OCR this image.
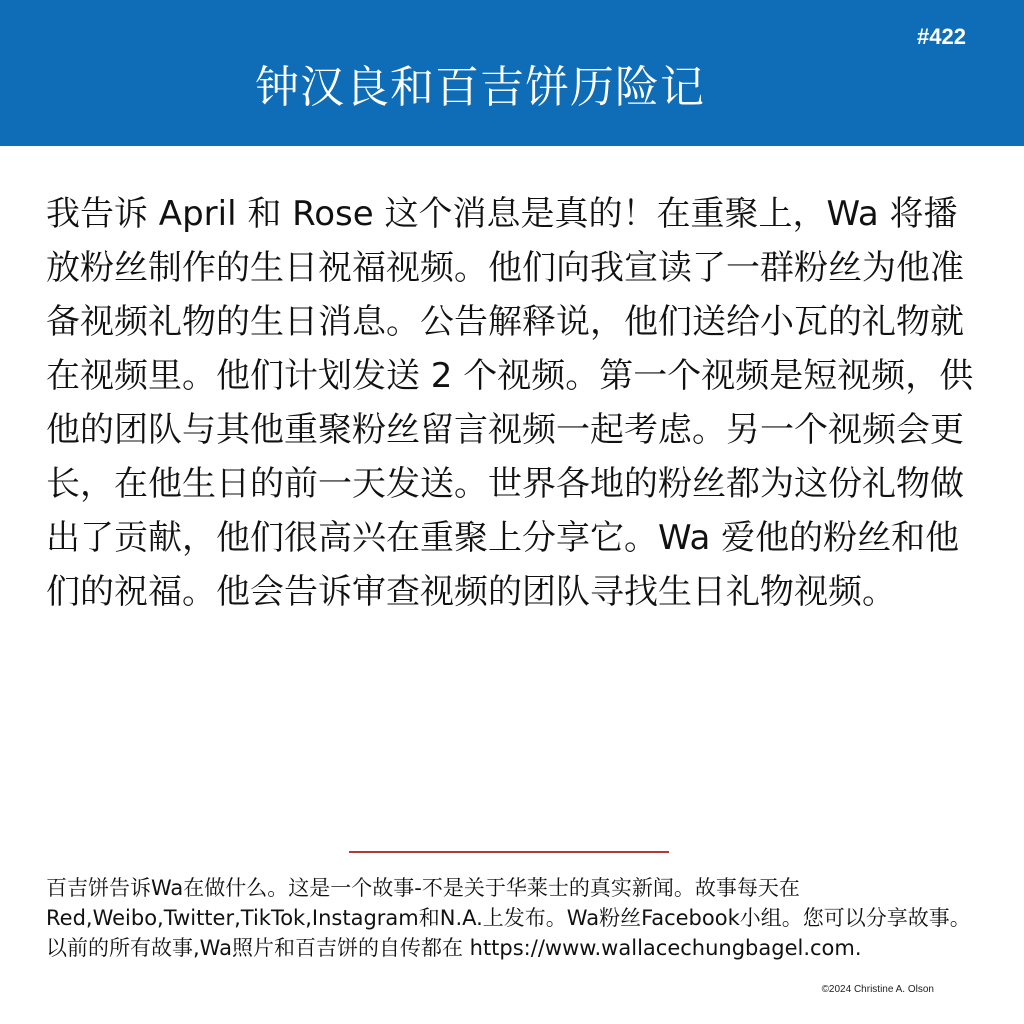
#422
钟汉良和百吉饼历险记

我告诉 April 和 Rose 这个消息是真的！在重聚上，Wa 将播放粉丝制作的生日祝福视频。他们向我宣读了一群粉丝为他准备视频礼物的生日消息。公告解释说，他们送给小瓦的礼物就在视频里。他们计划发送 2 个视频。第一个视频是短视频，供他的团队与其他重聚粉丝留言视频一起考虑。另一个视频会更长，在他生日的前一天发送。世界各地的粉丝都为这份礼物做出了贡献，他们很高兴在重聚上分享它。Wa 爱他的粉丝和他们的祝福。他会告诉审查视频的团队寻找生日礼物视频。

百吉饼告诉Wa在做什么。这是一个故事-不是关于华莱士的真实新闻。故事每天在Red,Weibo,Twitter,TikTok,Instagram和N.A.上发布。Wa粉丝Facebook小组。您可以分享故事。以前的所有故事,Wa照片和百吉饼的自传都在 https://www.wallacechungbagel.com.

©2024 Christine A. Olson
